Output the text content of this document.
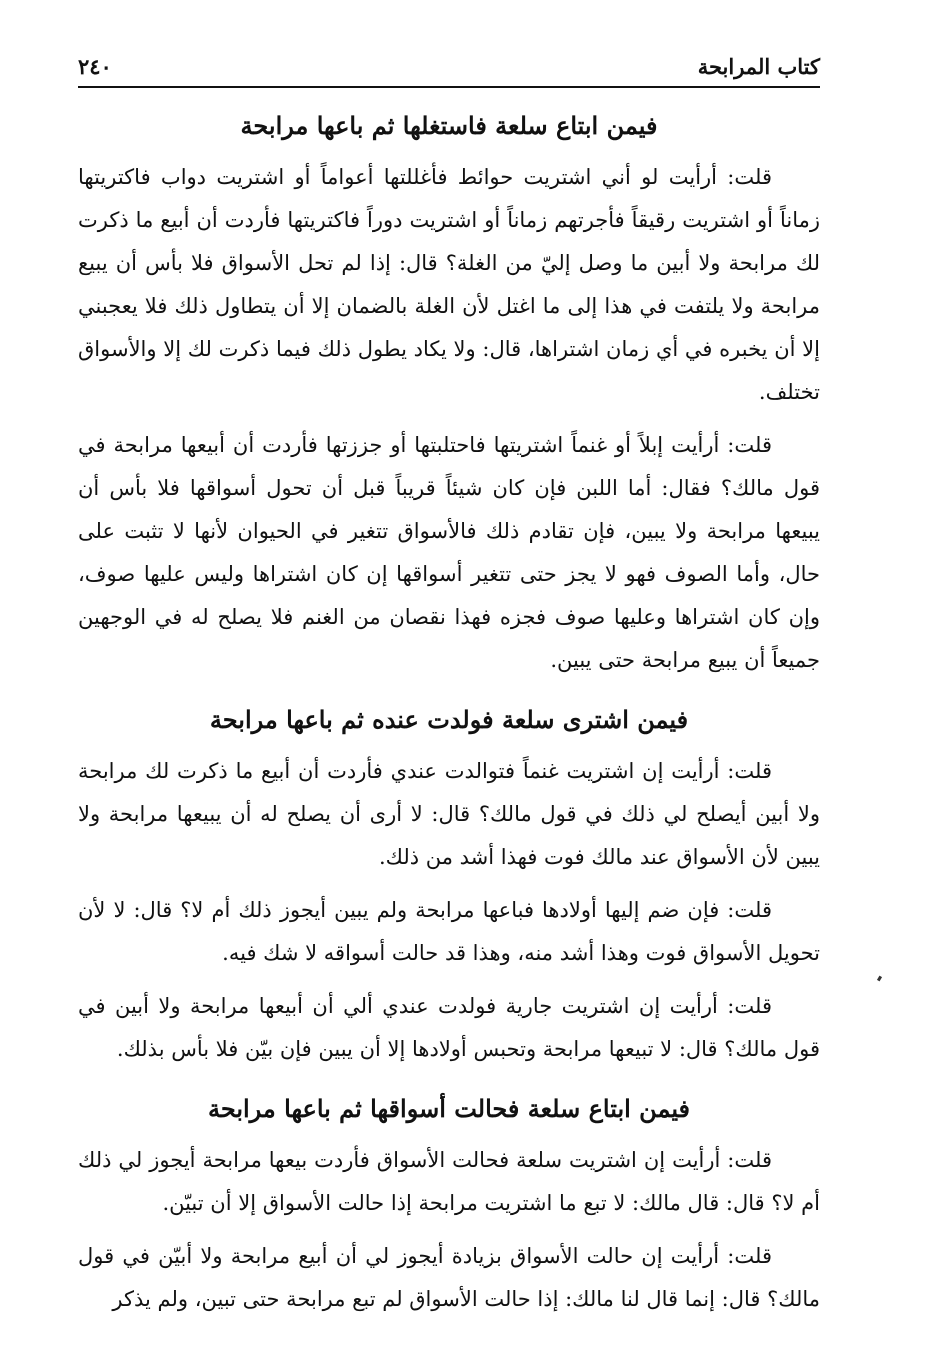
كتاب المرابحة
٢٤٠
فيمن ابتاع سلعة فاستغلها ثم باعها مرابحة

قلت: أرأيت لو أني اشتريت حوائط فأغللتها أعواماً أو اشتريت دواب فاكتريتها زماناً أو اشتريت رقيقاً فأجرتهم زماناً أو اشتريت دوراً فاكتريتها فأردت أن أبيع ما ذكرت لك مرابحة ولا أبين ما وصل إليّ من الغلة؟ قال: إذا لم تحل الأسواق فلا بأس أن يبيع مرابحة ولا يلتفت في هذا إلى ما اغتل لأن الغلة بالضمان إلا أن يتطاول ذلك فلا يعجبني إلا أن يخبره في أي زمان اشتراها، قال: ولا يكاد يطول ذلك فيما ذكرت لك إلا والأسواق تختلف.

قلت: أرأيت إبلاً أو غنماً اشتريتها فاحتلبتها أو جززتها فأردت أن أبيعها مرابحة في قول مالك؟ فقال: أما اللبن فإن كان شيئاً قريباً قبل أن تحول أسواقها فلا بأس أن يبيعها مرابحة ولا يبين، فإن تقادم ذلك فالأسواق تتغير في الحيوان لأنها لا تثبت على حال، وأما الصوف فهو لا يجز حتى تتغير أسواقها إن كان اشتراها وليس عليها صوف، وإن كان اشتراها وعليها صوف فجزه فهذا نقصان من الغنم فلا يصلح له في الوجهين جميعاً أن يبيع مرابحة حتى يبين.

فيمن اشترى سلعة فولدت عنده ثم باعها مرابحة

قلت: أرأيت إن اشتريت غنماً فتوالدت عندي فأردت أن أبيع ما ذكرت لك مرابحة ولا أبين أيصلح لي ذلك في قول مالك؟ قال: لا أرى أن يصلح له أن يبيعها مرابحة ولا يبين لأن الأسواق عند مالك فوت فهذا أشد من ذلك.

قلت: فإن ضم إليها أولادها فباعها مرابحة ولم يبين أيجوز ذلك أم لا؟ قال: لا لأن تحويل الأسواق فوت وهذا أشد منه، وهذا قد حالت أسواقه لا شك فيه.

قلت: أرأيت إن اشتريت جارية فولدت عندي ألي أن أبيعها مرابحة ولا أبين في قول مالك؟ قال: لا تبيعها مرابحة وتحبس أولادها إلا أن يبين فإن بيّن فلا بأس بذلك.

فيمن ابتاع سلعة فحالت أسواقها ثم باعها مرابحة

قلت: أرأيت إن اشتريت سلعة فحالت الأسواق فأردت بيعها مرابحة أيجوز لي ذلك أم لا؟ قال: قال مالك: لا تبع ما اشتريت مرابحة إذا حالت الأسواق إلا أن تبيّن.

قلت: أرأيت إن حالت الأسواق بزيادة أيجوز لي أن أبيع مرابحة ولا أبيّن في قول مالك؟ قال: إنما قال لنا مالك: إذا حالت الأسواق لم تبع مرابحة حتى تبين، ولم يذكر
